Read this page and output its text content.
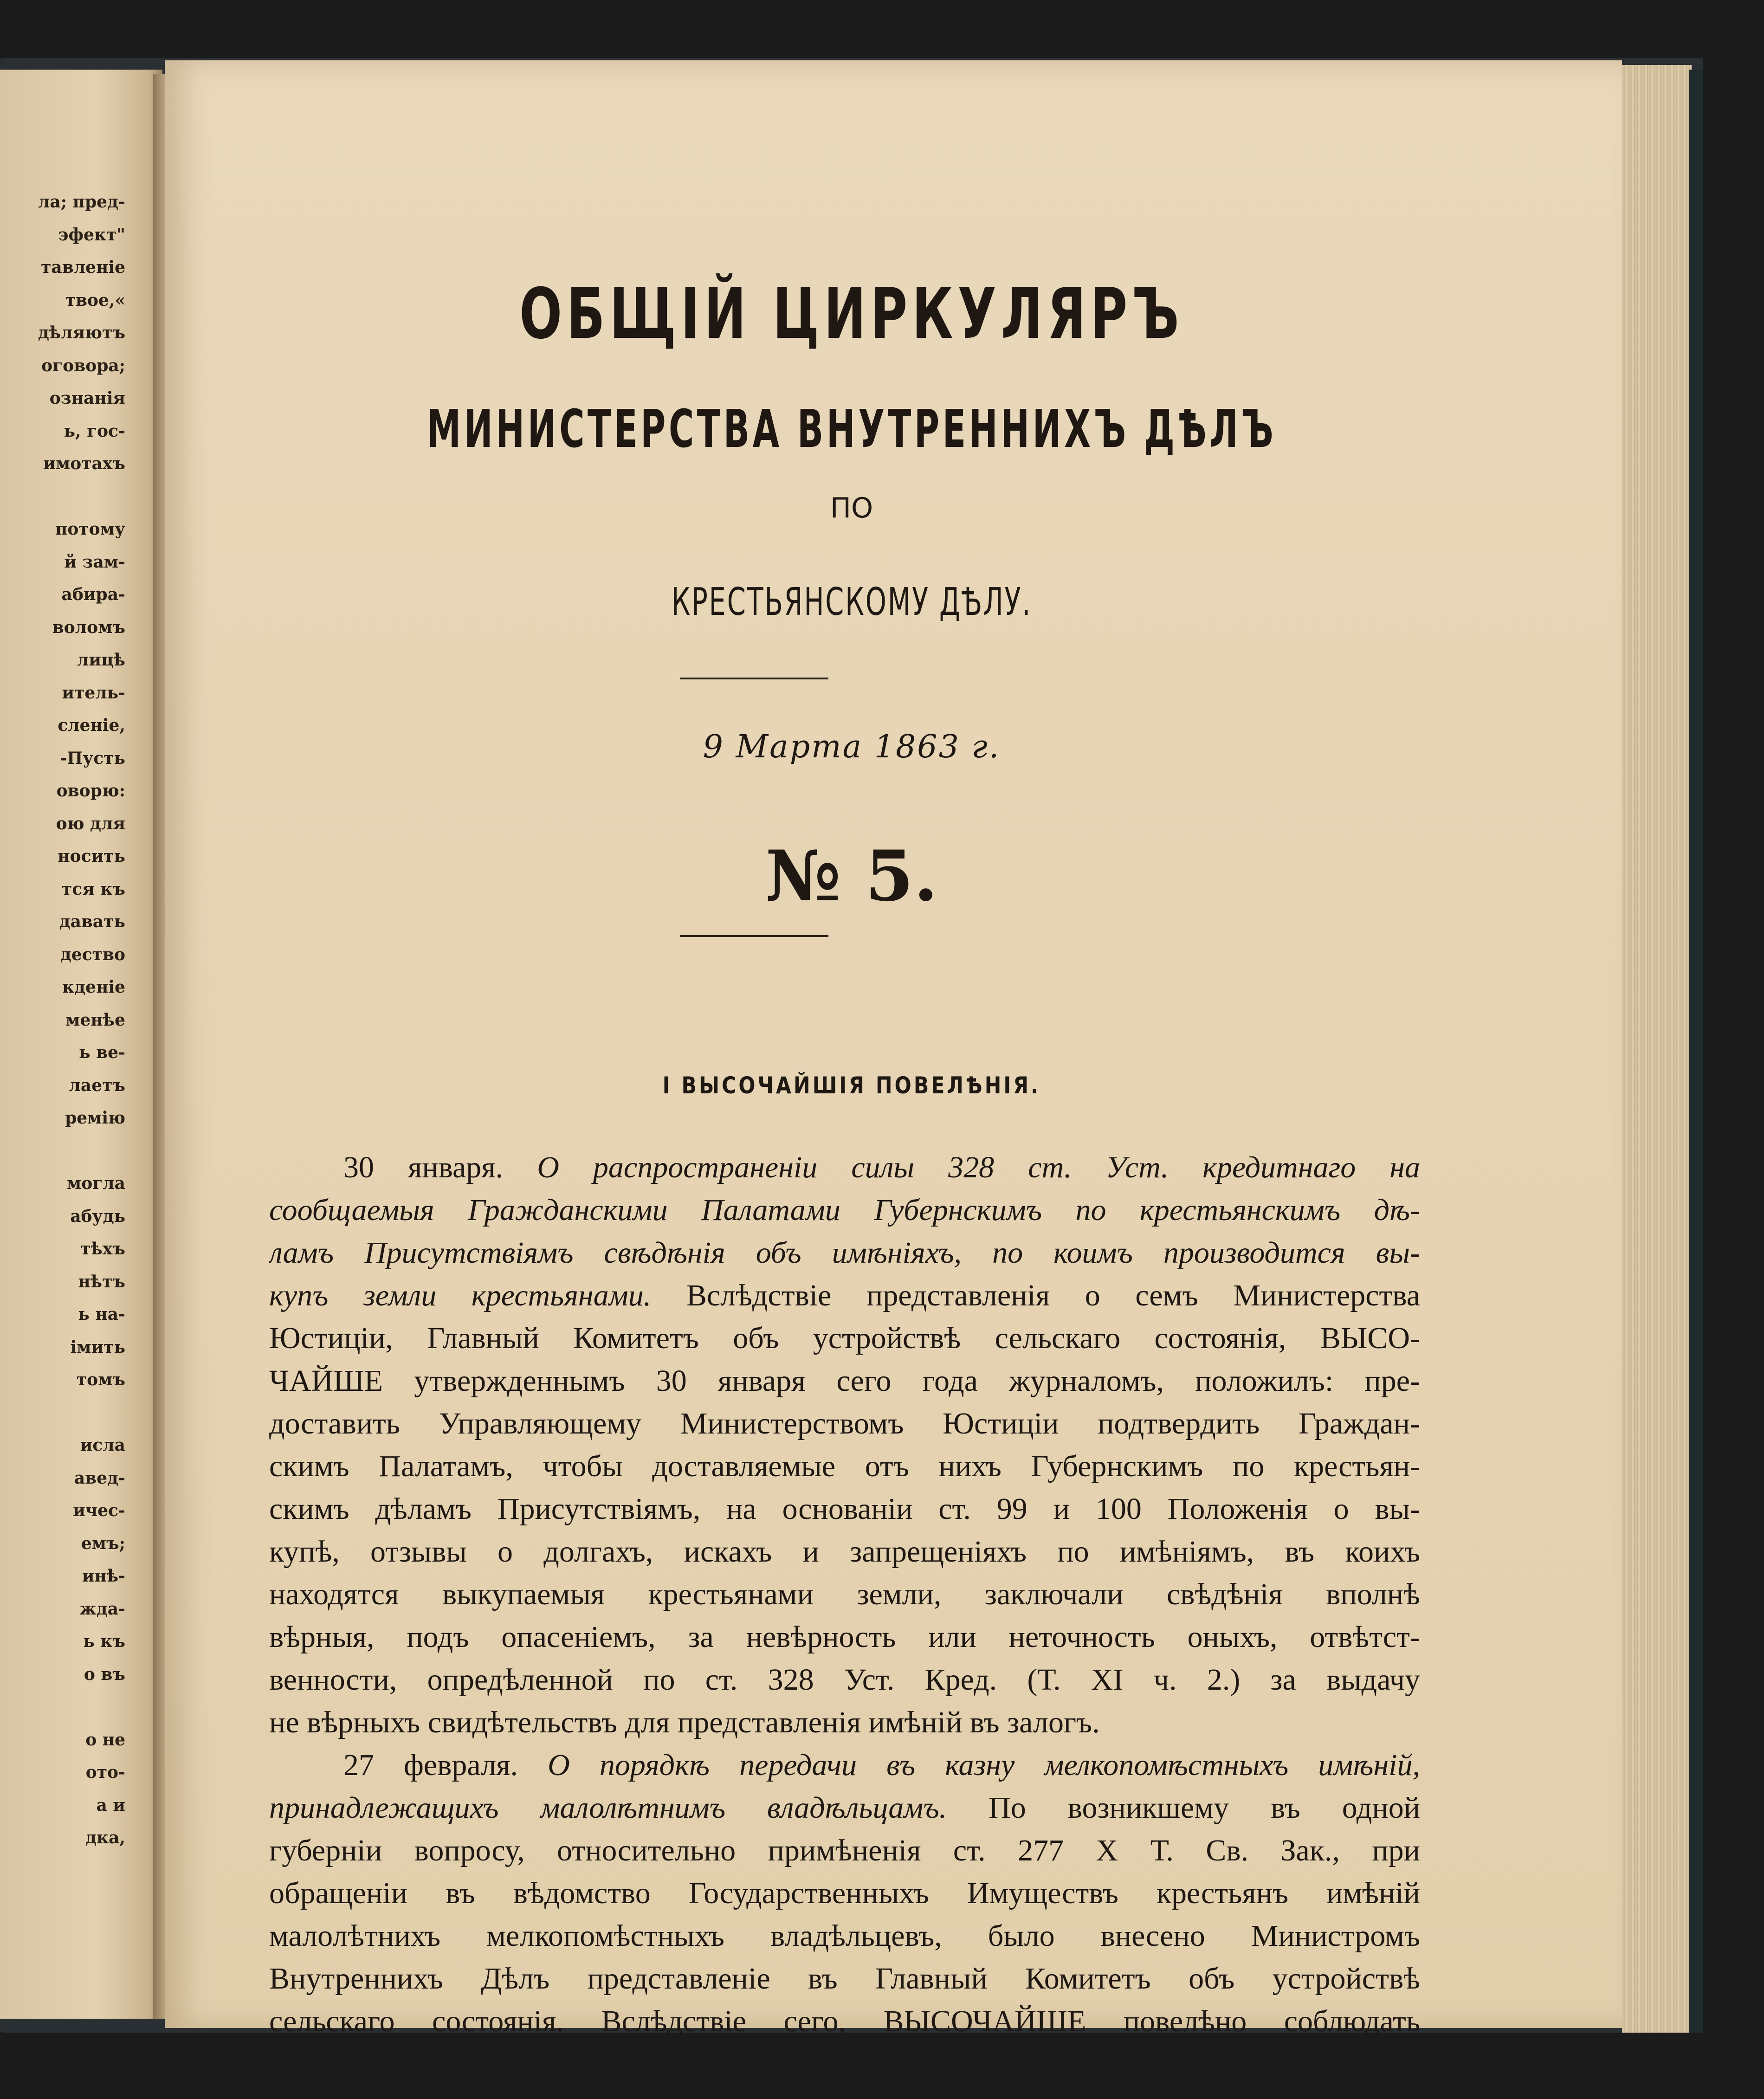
ла; пред-
эфект"
тавленіе
твое,«
дѣляютъ
оговора;
ознанія
ь, гос-
имотахъ

потому
й зам-
абира-
воломъ
лицѣ
итель-
сленіе,
-Пусть
оворю:
ою для
носить
тся къ
давать
дество
кденіе
менѣе
ь ве-
лаетъ
ремію

могла
абудь
тѣхъ
нѣтъ
ь на-
імить
томъ

исла
авед-
ичес-
емъ;
инѣ-
жда-
ь къ
о въ

о не
ото-
а и
дка,
ОБЩІЙ ЦИРКУЛЯРЪ
МИНИСТЕРСТВА ВНУТРЕННИХЪ ДѢЛЪ
ПО
КРЕСТЬЯНСКОМУ ДѢЛУ.
9 Марта 1863 г.
№ 5.
I ВЫСОЧАЙШІЯ ПОВЕЛѢНІЯ.
30 января. О распространеніи силы 328 ст. Уст. кредитнаго на
сообщаемыя Гражданскими Палатами Губернскимъ по крестьянскимъ дѣ-
ламъ Присутствіямъ свѣдѣнія объ имѣніяхъ, по коимъ производится вы-
купъ земли крестьянами. Вслѣдствіе представленія о семъ Министерства
Юстиціи, Главный Комитетъ объ устройствѣ сельскаго состоянія, ВЫСО-
ЧАЙШЕ утвержденнымъ 30 января сего года журналомъ, положилъ: пре-
доставить Управляющему Министерствомъ Юстиціи подтвердить Граждан-
скимъ Палатамъ, чтобы доставляемые отъ нихъ Губернскимъ по крестьян-
скимъ дѣламъ Присутствіямъ, на основаніи ст. 99 и 100 Положенія о вы-
купѣ, отзывы о долгахъ, искахъ и запрещеніяхъ по имѣніямъ, въ коихъ
находятся выкупаемыя крестьянами земли, заключали свѣдѣнія вполнѣ
вѣрныя, подъ опасеніемъ, за невѣрность или неточность оныхъ, отвѣтст-
венности, опредѣленной по ст. 328 Уст. Кред. (Т. XI ч. 2.) за выдачу
не вѣрныхъ свидѣтельствъ для представленія имѣній въ залогъ.
27 февраля. О порядкѣ передачи въ казну мелкопомѣстныхъ имѣній,
принадлежащихъ малолѣтнимъ владѣльцамъ. По возникшему въ одной
губерніи вопросу, относительно примѣненія ст. 277 X Т. Св. Зак., при
обращеніи въ вѣдомство Государственныхъ Имуществъ крестьянъ имѣній
малолѣтнихъ мелкопомѣстныхъ владѣльцевъ, было внесено Министромъ
Внутреннихъ Дѣлъ представленіе въ Главный Комитетъ объ устройствѣ
сельскаго состоянія. Вслѣдствіе сего, ВЫСОЧАЙШЕ повелѣно соблюдать
